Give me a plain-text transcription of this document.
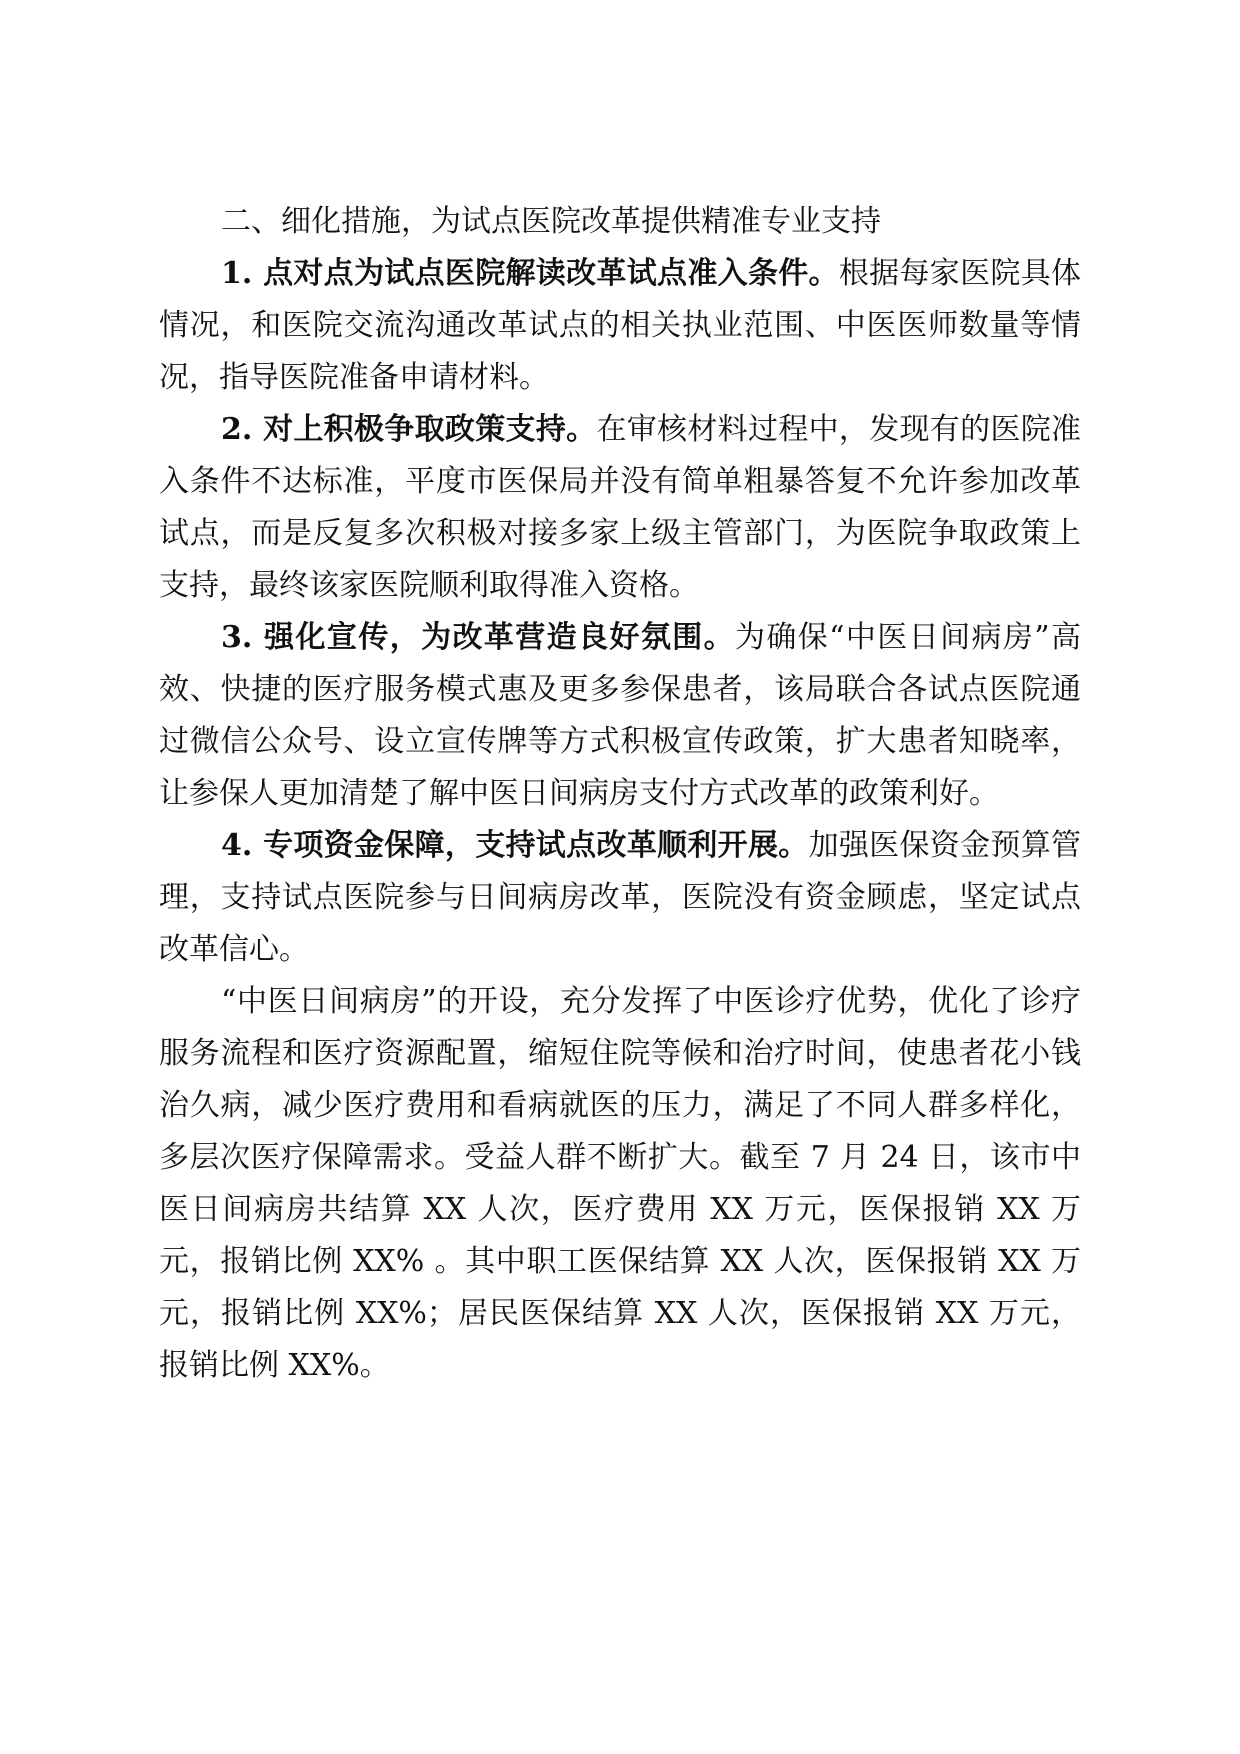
二、细化措施，为试点医院改革提供精准专业支持

1. 点对点为试点医院解读改革试点准入条件。根据每家医院具体情况，和医院交流沟通改革试点的相关执业范围、中医医师数量等情况，指导医院准备申请材料。

2. 对上积极争取政策支持。在审核材料过程中，发现有的医院准入条件不达标准，平度市医保局并没有简单粗暴答复不允许参加改革试点，而是反复多次积极对接多家上级主管部门，为医院争取政策上支持，最终该家医院顺利取得准入资格。

3. 强化宣传，为改革营造良好氛围。为确保“中医日间病房”高效、快捷的医疗服务模式惠及更多参保患者，该局联合各试点医院通过微信公众号、设立宣传牌等方式积极宣传政策，扩大患者知晓率，让参保人更加清楚了解中医日间病房支付方式改革的政策利好。

4. 专项资金保障，支持试点改革顺利开展。加强医保资金预算管理，支持试点医院参与日间病房改革，医院没有资金顾虑，坚定试点改革信心。

“中医日间病房”的开设，充分发挥了中医诊疗优势，优化了诊疗服务流程和医疗资源配置，缩短住院等候和治疗时间，使患者花小钱治久病，减少医疗费用和看病就医的压力，满足了不同人群多样化，多层次医疗保障需求。受益人群不断扩大。截至 7 月 24 日，该市中医日间病房共结算 XX 人次，医疗费用 XX 万元，医保报销 XX 万元，报销比例 XX% 。其中职工医保结算 XX 人次，医保报销 XX 万元，报销比例 XX%；居民医保结算 XX 人次，医保报销 XX 万元，报销比例 XX%。
